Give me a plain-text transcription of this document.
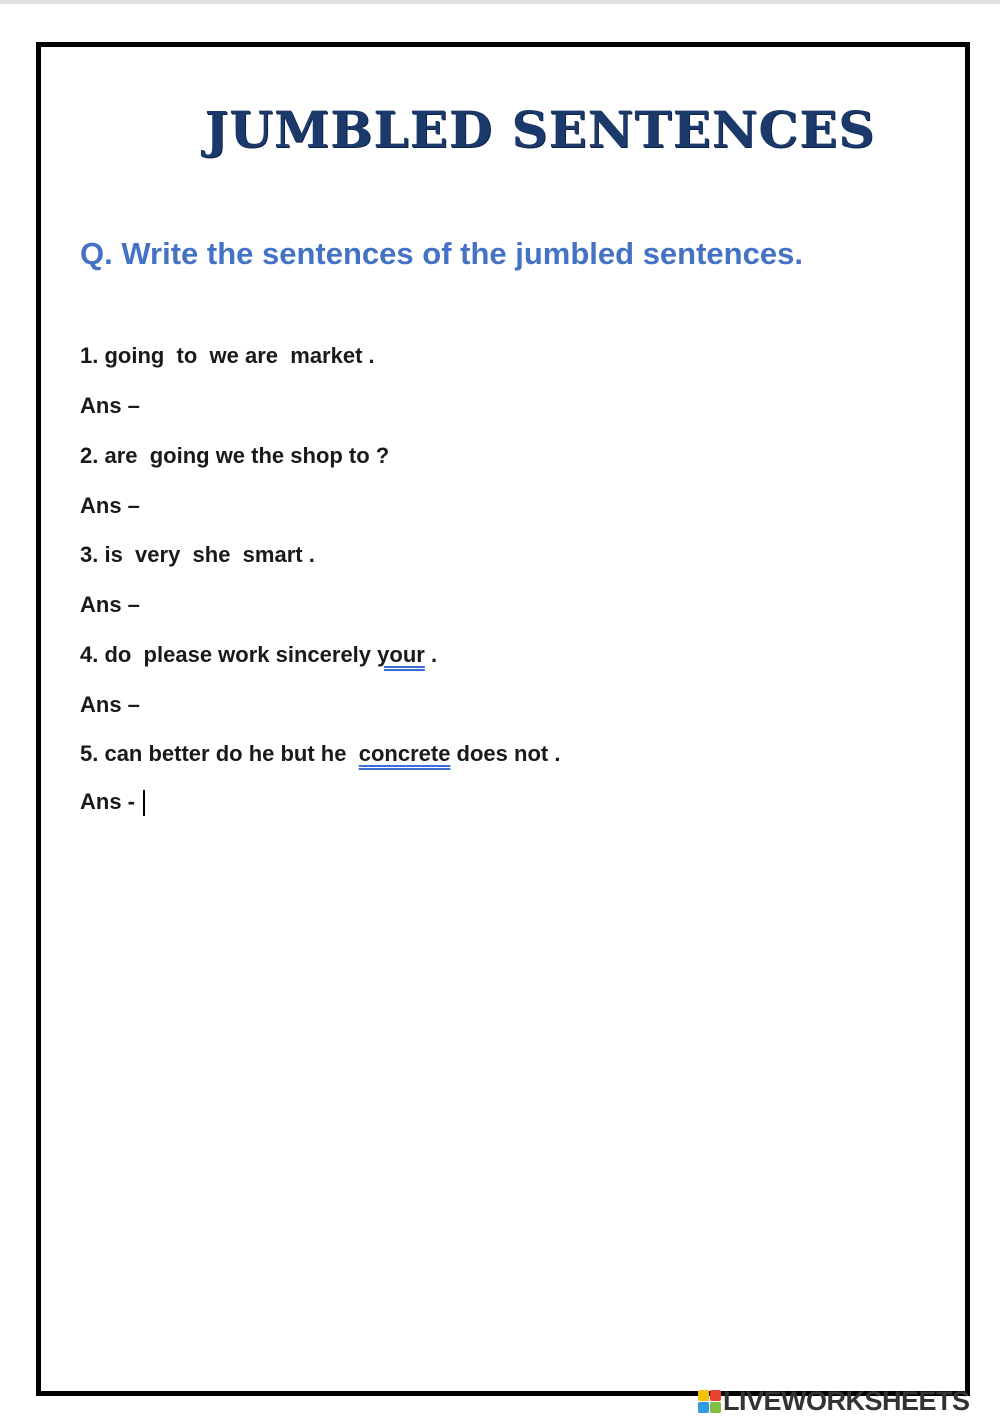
JUMBLED SENTENCES
Q. Write the sentences of the jumbled sentences.
1. going  to  we are  market .
Ans –
2. are  going we the shop to ?
Ans –
3. is  very  she  smart .
Ans –
4. do  please work sincerely your .
Ans –
5. can better do he but he  concrete does not .
Ans -
LIVEWORKSHEETS
